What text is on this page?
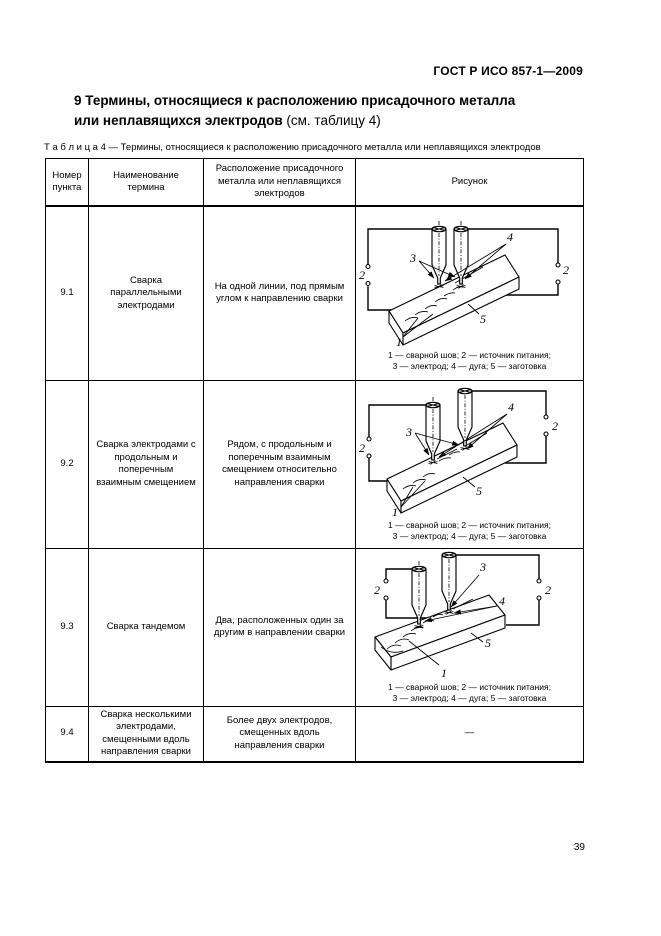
ГОСТ Р ИСО 857-1—2009
9 Термины, относящиеся к расположению присадочного металла
или неплавящихся электродов (см. таблицу 4)
Т а б л и ц а 4 — Термины, относящиеся к расположению присадочного металла или неплавящихся электродов
Номер пункта	Наименование термина	Расположение присадочного металла или неплавящихся электродов	Рисунок
9.1	Сварка параллельными электродами	На одной линии, под прямым углом к направлению сварки	
2	2
3
4
5
1
1 — сварной шов; 2 — источник питания;
3 — электрод; 4 — дуга; 5 — заготовка

9.2	Сварка электродами с продольным и поперечным взаимным смещением	Рядом, с продольным и поперечным взаимным смещением относительно направления сварки	
2
2
3
4
5
1
1 — сварной шов; 2 — источник питания;
3 — электрод; 4 — дуга; 5 — заготовка

9.3	Сварка тандемом	Два, расположенных один за другим в направлении сварки	
2	2
3
4
5
1
1 — сварной шов; 2 — источник питания;
3 — электрод; 4 — дуга; 5 — заготовка

9.4	Сварка несколькими электродами, смещенными вдоль направления сварки	Более двух электродов, смещенных вдоль направления сварки	—
39
